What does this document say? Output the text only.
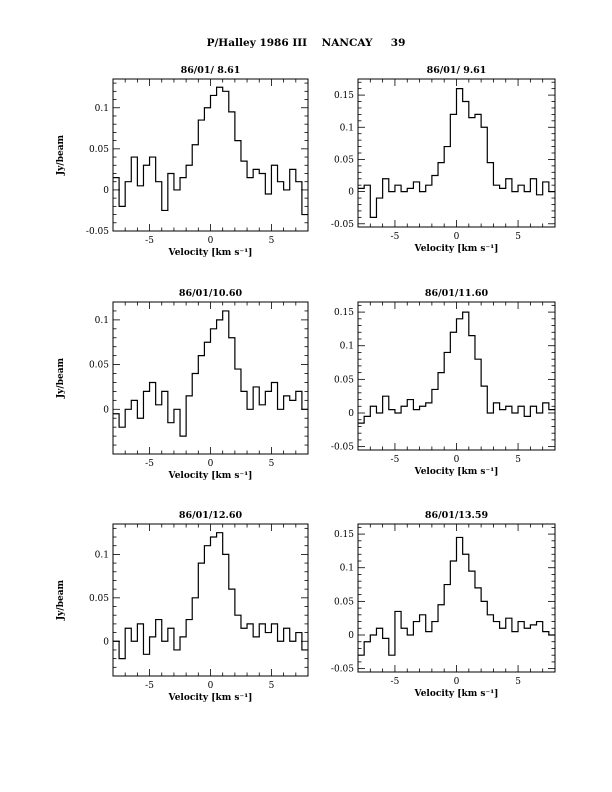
P/Halley 1986 III    NANCAY     39
-5	0	5
-0.05
0
0.05
0.1
86/01/ 8.61
Velocity [km s⁻¹]
Jy/beam
-5	0	5
-0.05
0
0.05
0.1
0.15
86/01/ 9.61
Velocity [km s⁻¹]
-5	0	5
0
0.05
0.1
86/01/10.60
Velocity [km s⁻¹]
Jy/beam
-5	0	5
-0.05
0
0.05
0.1
0.15
86/01/11.60
Velocity [km s⁻¹]
-5	0	5
0
0.05
0.1
86/01/12.60
Velocity [km s⁻¹]
Jy/beam
-5	0	5
-0.05
0
0.05
0.1
0.15
86/01/13.59
Velocity [km s⁻¹]
